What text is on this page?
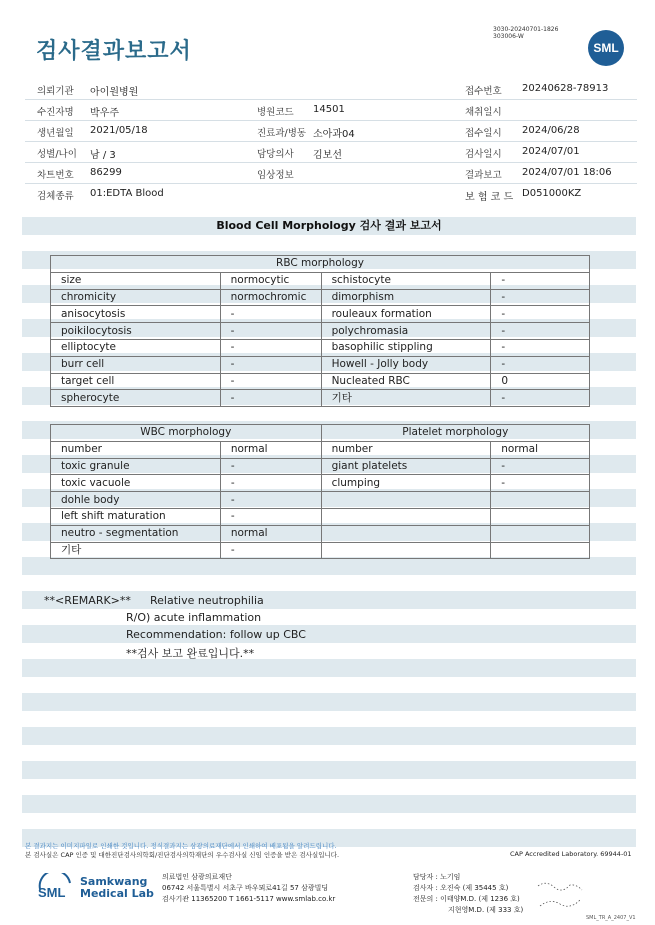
검사결과보고서
3030-20240701-1826
303006-W
SML
의뢰기관 아이원병원	접수번호 20240628-78913
수진자명 박우주	병원코드 14501	채취일시
생년월일 2021/05/18	진료과/병동 소아과04	접수일시 2024/06/28
성별/나이 남 / 3	담당의사 김보선	검사일시 2024/07/01
차트번호 86299	임상정보	결과보고 2024/07/01 18:06
검체종류 01:EDTA Blood	보 험 코 드 D051000KZ
Blood Cell Morphology 검사 결과 보고서
RBC morphology			
size	normocytic	schistocyte	-
chromicity	normochromic	dimorphism	-
anisocytosis	-	rouleaux formation	-
poikilocytosis	-	polychromasia	-
elliptocyte	-	basophilic stippling	-
burr cell	-	Howell - Jolly body	-
target cell	-	Nucleated RBC	0
spherocyte	-	기타	-
WBC morphology		Platelet morphology	
number	normal	number	normal
toxic granule	-	giant platelets	-
toxic vacuole	-	clumping	-
dohle body	-		
left shift maturation	-		
neutro - segmentation	normal		
기타	-		
**<REMARK>** Relative neutrophilia
R/O) acute inflammation
Recommendation: follow up CBC
**검사 보고 완료입니다.**
본 결과지는 이미지파일로 인쇄한 것입니다. 정식결과지는 삼광의료재단에서 인쇄하여 배포됨을 알려드립니다.
본 검사실은 CAP 인증 및 대한진단검사의학회/진단검사의학재단의 우수검사실 신임 인증을 받은 검사실입니다.	CAP Accredited Laboratory. 69944-01
SML
Samkwang
Medical Lab
의료법인 삼광의료재단
06742 서울특별시 서초구 바우뫼로41길 57 삼광빌딩
검사기관 11365200 T 1661-5117 www.smlab.co.kr
담당자 : 노기임
검사자 : 오진숙 (제 35445 호)
전문의 : 이태양M.D. (제 1236 호)
지현영M.D. (제 333 호)
SML_TR_A_2407_V1
